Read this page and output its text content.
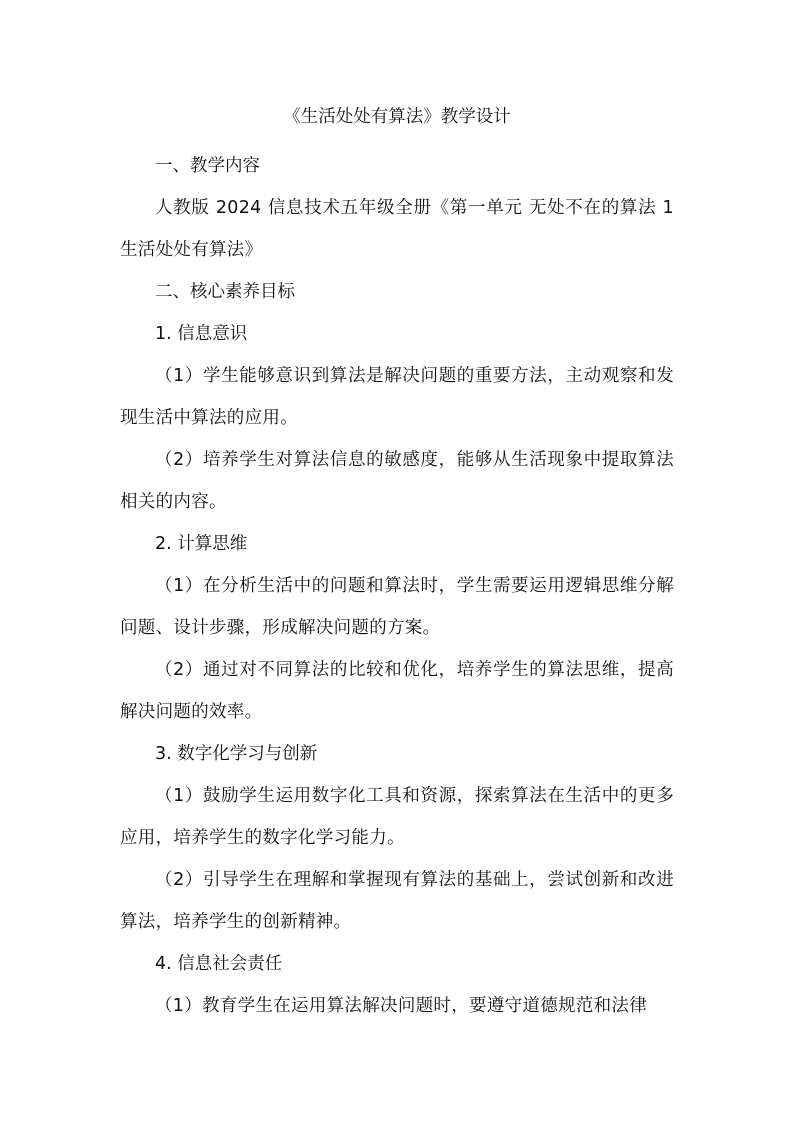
《生活处处有算法》教学设计

一、教学内容

人教版 2024 信息技术五年级全册《第一单元 无处不在的算法 1 生活处处有算法》

二、核心素养目标

1. 信息意识

（1）学生能够意识到算法是解决问题的重要方法，主动观察和发现生活中算法的应用。

（2）培养学生对算法信息的敏感度，能够从生活现象中提取算法相关的内容。

2. 计算思维

（1）在分析生活中的问题和算法时，学生需要运用逻辑思维分解问题、设计步骤，形成解决问题的方案。

（2）通过对不同算法的比较和优化，培养学生的算法思维，提高解决问题的效率。

3. 数字化学习与创新

（1）鼓励学生运用数字化工具和资源，探索算法在生活中的更多应用，培养学生的数字化学习能力。

（2）引导学生在理解和掌握现有算法的基础上，尝试创新和改进算法，培养学生的创新精神。

4. 信息社会责任

（1）教育学生在运用算法解决问题时，要遵守道德规范和法律
